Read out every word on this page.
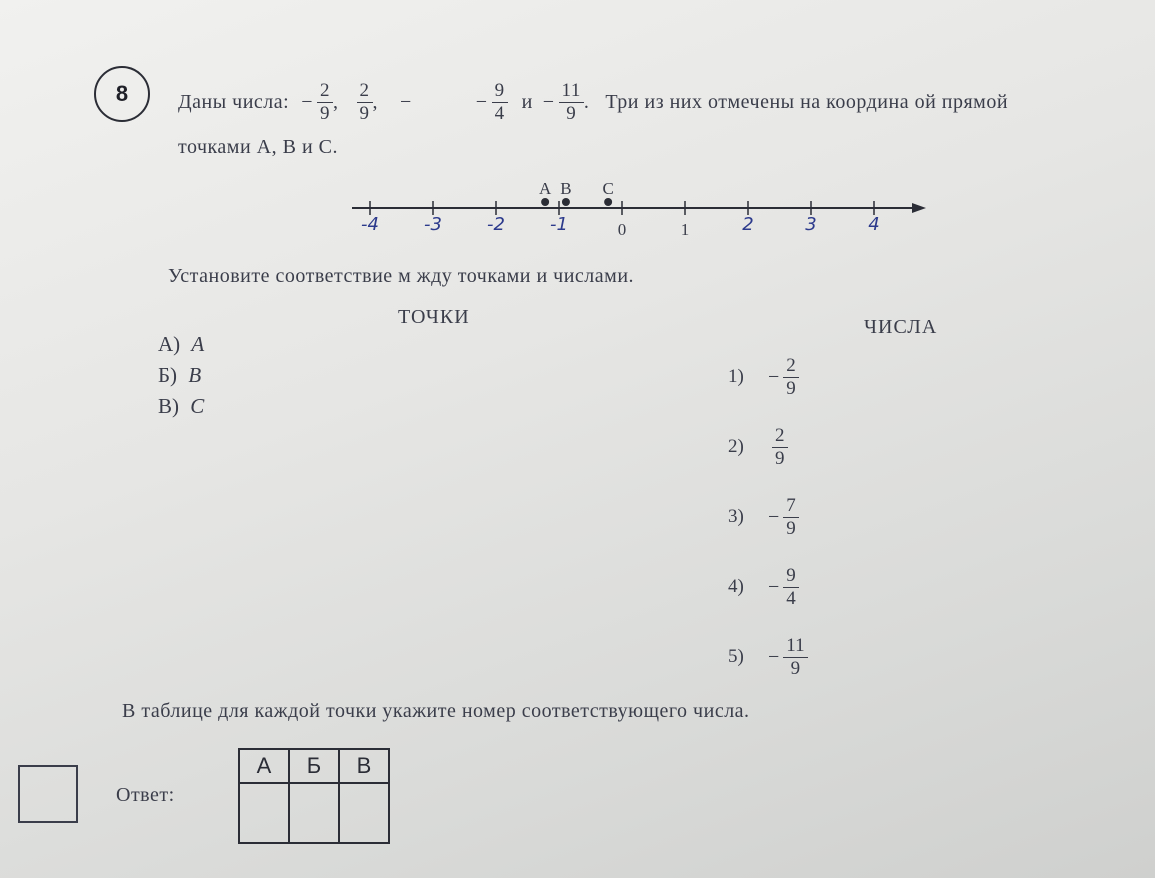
8	Даны числа: − $\frac{2}{9}$ , $\frac{2}{9}$ , −	− $\frac{9}{4}$ $и - \frac{11}{9}$ . Три из них отмечены на координа ой прямой
точками A, B и C.
A B C
0	1
-4	-3	-2	-1	2	3	4
Установите соответствие м жду точками и числами.
ТОЧКИ	ЧИСЛА
А) A
Б) B
В) C
1)	− $\frac{2}{9}$
2)	$\frac{2}{9}$
3)	− $\frac{7}{9}$
4)	− $\frac{9}{4}$
5)	− $\frac{11}{9}$
В таблице для каждой точки укажите номер соответствующего числа.
Ответ:
А	Б	В
